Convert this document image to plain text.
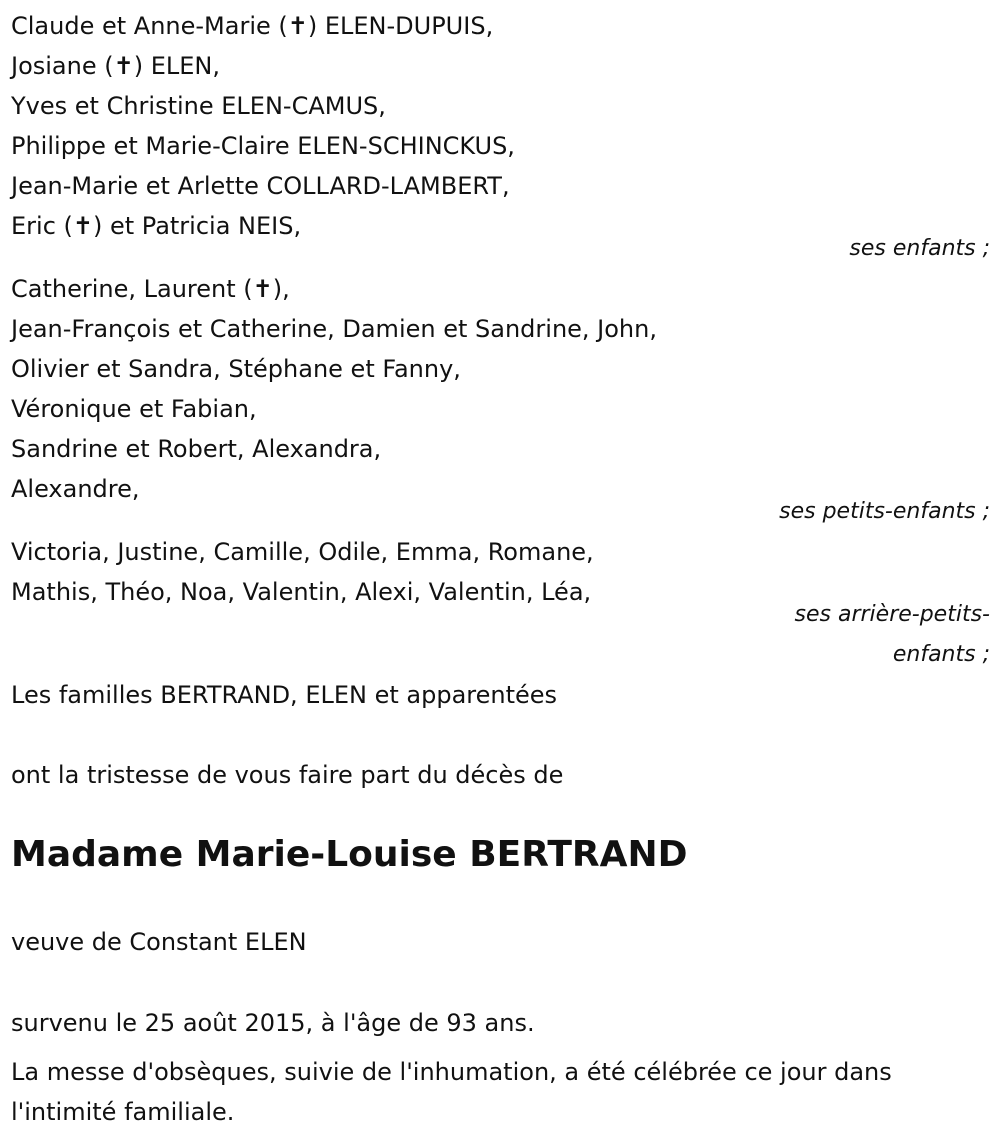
Claude et Anne-Marie (✝) ELEN-DUPUIS,
Josiane (✝) ELEN,
Yves et Christine ELEN-CAMUS,
Philippe et Marie-Claire ELEN-SCHINCKUS,
Jean-Marie et Arlette COLLARD-LAMBERT,
Eric (✝) et Patricia NEIS,
ses enfants ;
Catherine, Laurent (✝),
Jean-François et Catherine, Damien et Sandrine, John,
Olivier et Sandra, Stéphane et Fanny,
Véronique et Fabian,
Sandrine et Robert, Alexandra,
Alexandre,
ses petits-enfants ;
Victoria, Justine, Camille, Odile, Emma, Romane,
Mathis, Théo, Noa, Valentin, Alexi, Valentin, Léa,
ses arrière-petits-
enfants ;
Les familles BERTRAND, ELEN et apparentées
ont la tristesse de vous faire part du décès de
Madame Marie-Louise BERTRAND
veuve de Constant ELEN
survenu le 25 août 2015, à l'âge de 93 ans.
La messe d'obsèques, suivie de l'inhumation, a été célébrée ce jour dans l'intimité familiale.
